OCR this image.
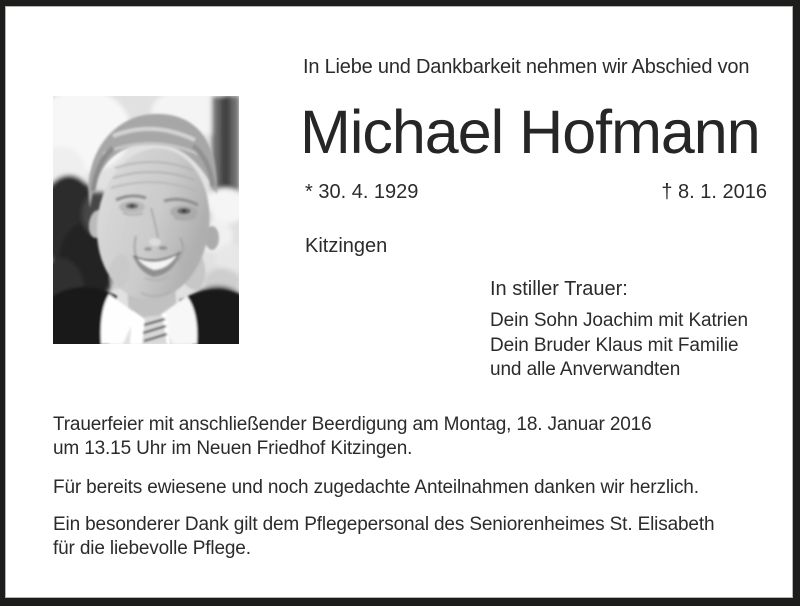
In Liebe und Dankbarkeit nehmen wir Abschied von
Michael Hofmann
* 30. 4. 1929	† 8. 1. 2016
Kitzingen
In stiller Trauer:
Dein Sohn Joachim mit Katrien
Dein Bruder Klaus mit Familie
und alle Anverwandten
Trauerfeier mit anschließender Beerdigung am Montag, 18. Januar 2016
um 13.15 Uhr im Neuen Friedhof Kitzingen.
Für bereits ewiesene und noch zugedachte Anteilnahmen danken wir herzlich.
Ein besonderer Dank gilt dem Pflegepersonal des Seniorenheimes St. Elisabeth
für die liebevolle Pflege.
